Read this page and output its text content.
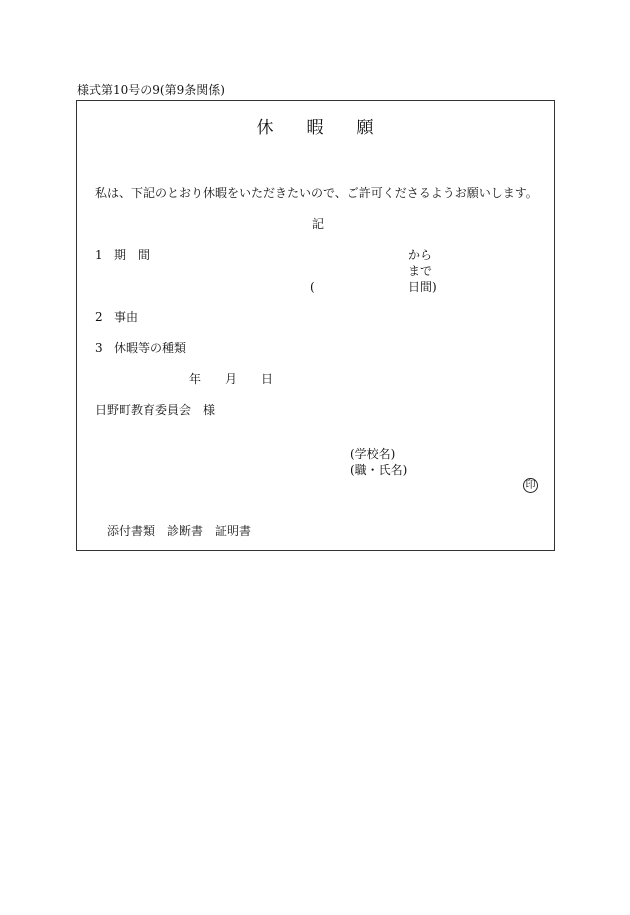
様式第10号の9(第9条関係)
休 暇 願
私は、下記のとおり休暇をいただきたいので、ご許可くださるようお願いします。
記
1 期 間	から
まで
(	日間)
2 事由
3 休暇等の種類
年 月 日
日野町教育委員会 様
(学校名)
(職・氏名)
印
添付書類 診断書 証明書
